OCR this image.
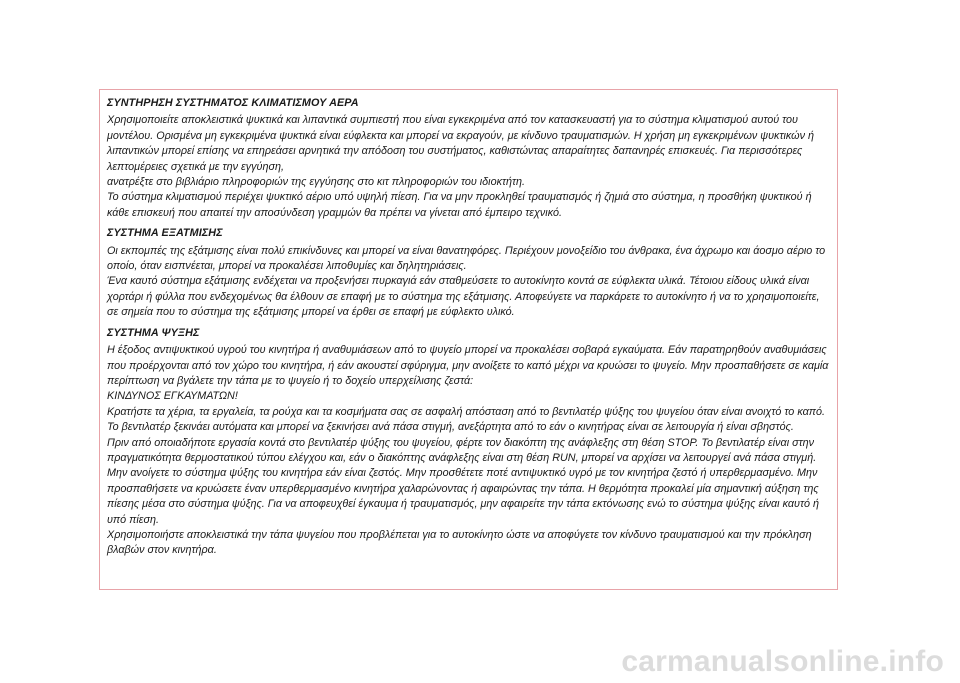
ΣΥΝΤΗΡΗΣΗ ΣΥΣΤΗΜΑΤΟΣ ΚΛΙΜΑΤΙΣΜΟΥ ΑΕΡΑ

Χρησιμοποιείτε αποκλειστικά ψυκτικά και λιπαντικά συμπιεστή που είναι εγκεκριμένα από τον κατασκευαστή για το σύστημα κλιματισμού αυτού του μοντέλου. Ορισμένα μη εγκεκριμένα ψυκτικά είναι εύφλεκτα και μπορεί να εκραγούν, με κίνδυνο τραυματισμών. Η χρήση μη εγκεκριμένων ψυκτικών ή λιπαντικών μπορεί επίσης να επηρεάσει αρνητικά την απόδοση του συστήματος, καθιστώντας απαραίτητες δαπανηρές επισκευές. Για περισσότερες λεπτομέρειες σχετικά με την εγγύηση,

ανατρέξτε στο βιβλιάριο πληροφοριών της εγγύησης στο κιτ πληροφοριών του ιδιοκτήτη.

Το σύστημα κλιματισμού περιέχει ψυκτικό αέριο υπό υψηλή πίεση. Για να μην προκληθεί τραυματισμός ή ζημιά στο σύστημα, η προσθήκη ψυκτικού ή κάθε επισκευή που απαιτεί την αποσύνδεση γραμμών θα πρέπει να γίνεται από έμπειρο τεχνικό.

ΣΥΣΤΗΜΑ ΕΞΑΤΜΙΣΗΣ

Οι εκπομπές της εξάτμισης είναι πολύ επικίνδυνες και μπορεί να είναι θανατηφόρες. Περιέχουν μονοξείδιο του άνθρακα, ένα άχρωμο και άοσμο αέριο το οποίο, όταν εισπνέεται, μπορεί να προκαλέσει λιποθυμίες και δηλητηριάσεις.

Ένα καυτό σύστημα εξάτμισης ενδέχεται να προξενήσει πυρκαγιά εάν σταθμεύσετε το αυτοκίνητο κοντά σε εύφλεκτα υλικά. Τέτοιου είδους υλικά είναι χορτάρι ή φύλλα που ενδεχομένως θα έλθουν σε επαφή με το σύστημα της εξάτμισης. Αποφεύγετε να παρκάρετε το αυτοκίνητο ή να το χρησιμοποιείτε, σε σημεία που το σύστημα της εξάτμισης μπορεί να έρθει σε επαφή με εύφλεκτο υλικό.

ΣΥΣΤΗΜΑ ΨΥΞΗΣ

Η έξοδος αντιψυκτικού υγρού του κινητήρα ή αναθυμιάσεων από το ψυγείο μπορεί να προκαλέσει σοβαρά εγκαύματα. Εάν παρατηρηθούν αναθυμιάσεις που προέρχονται από τον χώρο του κινητήρα, ή εάν ακουστεί σφύριγμα, μην ανοίξετε το καπό μέχρι να κρυώσει το ψυγείο. Μην προσπαθήσετε σε καμία περίπτωση να βγάλετε την τάπα με το ψυγείο ή το δοχείο υπερχείλισης ζεστά:

ΚΙΝΔΥΝΟΣ ΕΓΚΑΥΜΑΤΩΝ!

Κρατήστε τα χέρια, τα εργαλεία, τα ρούχα και τα κοσμήματα σας σε ασφαλή απόσταση από το βεντιλατέρ ψύξης του ψυγείου όταν είναι ανοιχτό το καπό.

Το βεντιλατέρ ξεκινάει αυτόματα και μπορεί να ξεκινήσει ανά πάσα στιγμή, ανεξάρτητα από το εάν ο κινητήρας είναι σε λειτουργία ή είναι σβηστός.

Πριν από οποιαδήποτε εργασία κοντά στο βεντιλατέρ ψύξης του ψυγείου, φέρτε τον διακόπτη της ανάφλεξης στη θέση STOP. Το βεντιλατέρ είναι στην πραγματικότητα θερμοστατικού τύπου ελέγχου και, εάν ο διακόπτης ανάφλεξης είναι στη θέση RUN, μπορεί να αρχίσει να λειτουργεί ανά πάσα στιγμή.

Μην ανοίγετε το σύστημα ψύξης του κινητήρα εάν είναι ζεστός. Μην προσθέτετε ποτέ αντιψυκτικό υγρό με τον κινητήρα ζεστό ή υπερθερμασμένο. Μην προσπαθήσετε να κρυώσετε έναν υπερθερμασμένο κινητήρα χαλαρώνοντας ή αφαιρώντας την τάπα. Η θερμότητα προκαλεί μία σημαντική αύξηση της πίεσης μέσα στο σύστημα ψύξης. Για να αποφευχθεί έγκαυμα ή τραυματισμός, μην αφαιρείτε την τάπα εκτόνωσης ενώ το σύστημα ψύξης είναι καυτό ή υπό πίεση.

Χρησιμοποιήστε αποκλειστικά την τάπα ψυγείου που προβλέπεται για το αυτοκίνητο ώστε να αποφύγετε τον κίνδυνο τραυματισμού και την πρόκληση βλαβών στον κινητήρα.

carmanualsonline.info
